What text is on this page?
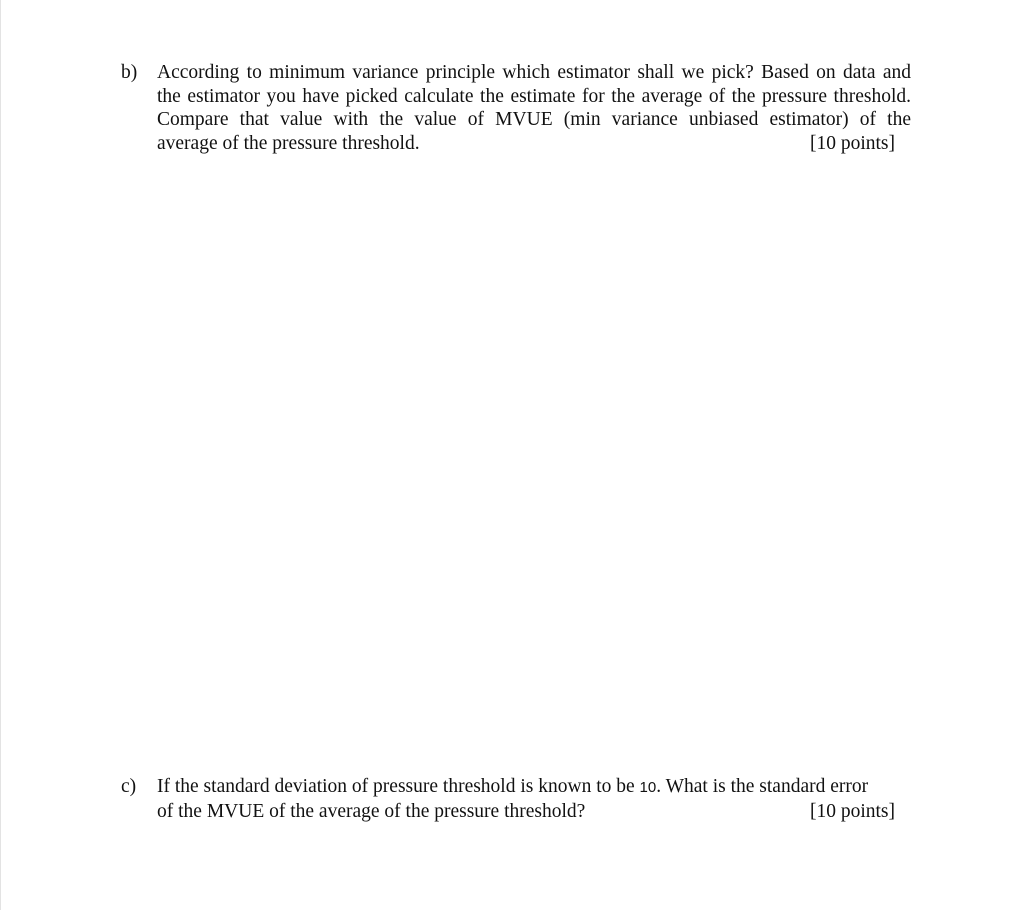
b)	According to minimum variance principle which estimator shall we pick? Based on data and
the estimator you have picked calculate the estimate for the average of the pressure threshold.
Compare that value with the value of MVUE (min variance unbiased estimator) of the
average of the pressure threshold.	[10 points]
c)	If the standard deviation of pressure threshold is known to be 10. What is the standard error
of the MVUE of the average of the pressure threshold?	[10 points]
